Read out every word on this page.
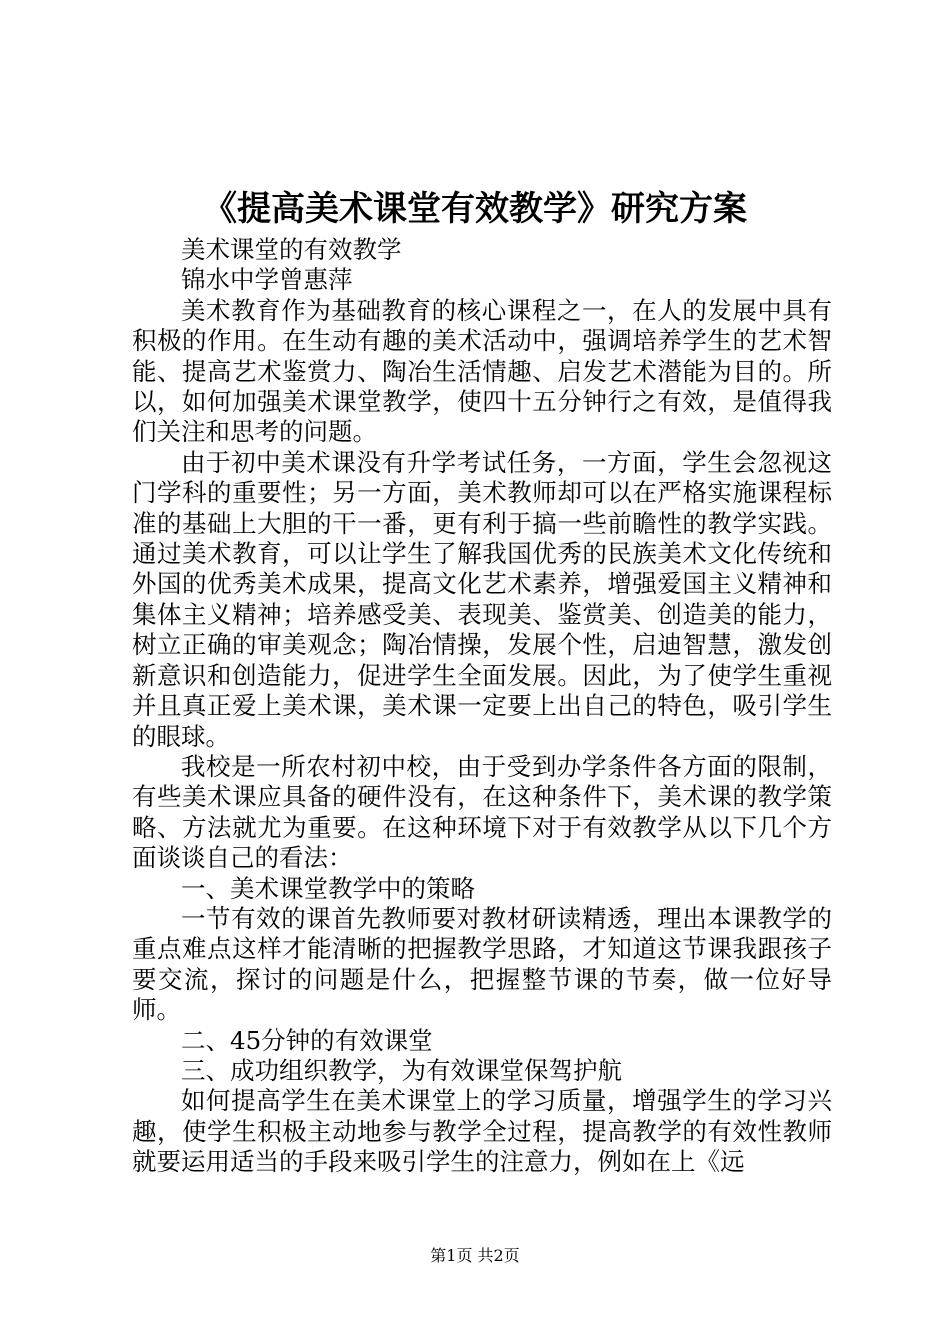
《提高美术课堂有效教学》研究方案

美术课堂的有效教学

锦水中学曾惠萍

美术教育作为基础教育的核心课程之一，在人的发展中具有积极的作用。在生动有趣的美术活动中，强调培养学生的艺术智能、提高艺术鉴赏力、陶冶生活情趣、启发艺术潜能为目的。所以，如何加强美术课堂教学，使四十五分钟行之有效，是值得我们关注和思考的问题。

由于初中美术课没有升学考试任务，一方面，学生会忽视这门学科的重要性；另一方面，美术教师却可以在严格实施课程标准的基础上大胆的干一番，更有利于搞一些前瞻性的教学实践。通过美术教育，可以让学生了解我国优秀的民族美术文化传统和外国的优秀美术成果，提高文化艺术素养，增强爱国主义精神和集体主义精神；培养感受美、表现美、鉴赏美、创造美的能力，树立正确的审美观念；陶冶情操，发展个性，启迪智慧，激发创新意识和创造能力，促进学生全面发展。因此，为了使学生重视并且真正爱上美术课，美术课一定要上出自己的特色，吸引学生的眼球。

我校是一所农村初中校，由于受到办学条件各方面的限制，有些美术课应具备的硬件没有，在这种条件下，美术课的教学策略、方法就尤为重要。在这种环境下对于有效教学从以下几个方面谈谈自己的看法：

一、美术课堂教学中的策略

一节有效的课首先教师要对教材研读精透，理出本课教学的重点难点这样才能清晰的把握教学思路，才知道这节课我跟孩子要交流，探讨的问题是什么，把握整节课的节奏，做一位好导师。

二、45分钟的有效课堂

三、成功组织教学，为有效课堂保驾护航

如何提高学生在美术课堂上的学习质量，增强学生的学习兴趣，使学生积极主动地参与教学全过程，提高教学的有效性教师就要运用适当的手段来吸引学生的注意力，例如在上《远

第1页 共2页
